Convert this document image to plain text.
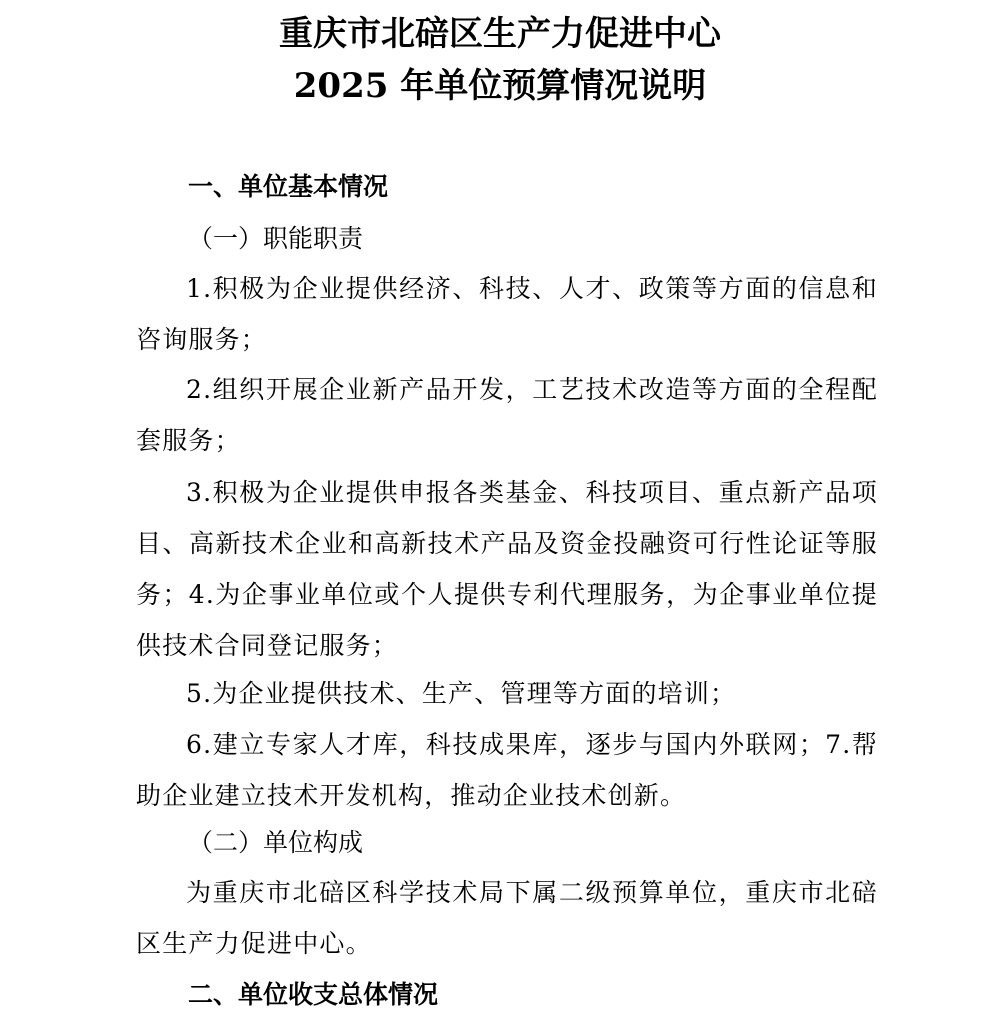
重庆市北碚区生产力促进中心
2025 年单位预算情况说明
一、单位基本情况
（一）职能职责
1.积极为企业提供经济、科技、人才、政策等方面的信息和咨询服务；
2.组织开展企业新产品开发，工艺技术改造等方面的全程配套服务；
3.积极为企业提供申报各类基金、科技项目、重点新产品项目、高新技术企业和高新技术产品及资金投融资可行性论证等服务；4.为企事业单位或个人提供专利代理服务，为企事业单位提供技术合同登记服务；
5.为企业提供技术、生产、管理等方面的培训；
6.建立专家人才库，科技成果库，逐步与国内外联网；7.帮助企业建立技术开发机构，推动企业技术创新。
（二）单位构成
为重庆市北碚区科学技术局下属二级预算单位，重庆市北碚区生产力促进中心。
二、单位收支总体情况
